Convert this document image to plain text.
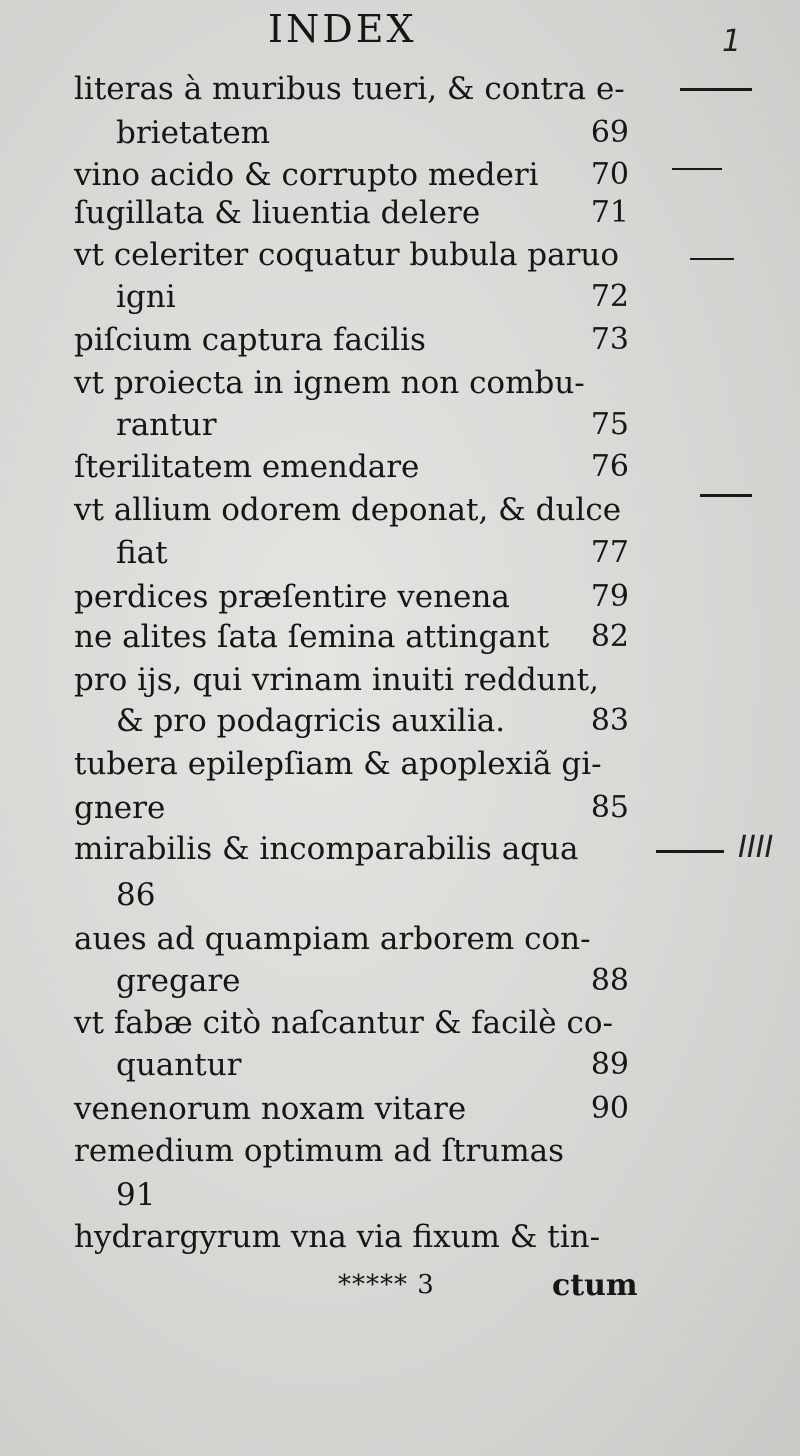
INDEX
literas à muribus tueri, & contra e-
brietatem	69
vino acido & corrupto mederi 70
ſugillata & liuentia delere	71
vt celeriter coquatur bubula paruo
igni	72
piſcium captura facilis	73
vt proiecta in ignem non combu-
rantur	75
ſterilitatem emendare	76
vt allium odorem deponat, & dulce
fiat	77
perdices præſentire venena	79
ne alites ſata ſemina attingant 82
pro ijs, qui vrinam inuiti reddunt,
& pro podagricis auxilia.	83
tubera epilepſiam & apoplexiã gi-
gnere	85
mirabilis & incomparabilis aqua
86
aues ad quampiam arborem con-
gregare	88
vt fabæ citò naſcantur & facilè co-
quantur	89
venenorum noxam vitare	90
remedium optimum ad ſtrumas
91
hydrargyrum vna via fixum & tin-
***** 3	ctum
1
IIII
